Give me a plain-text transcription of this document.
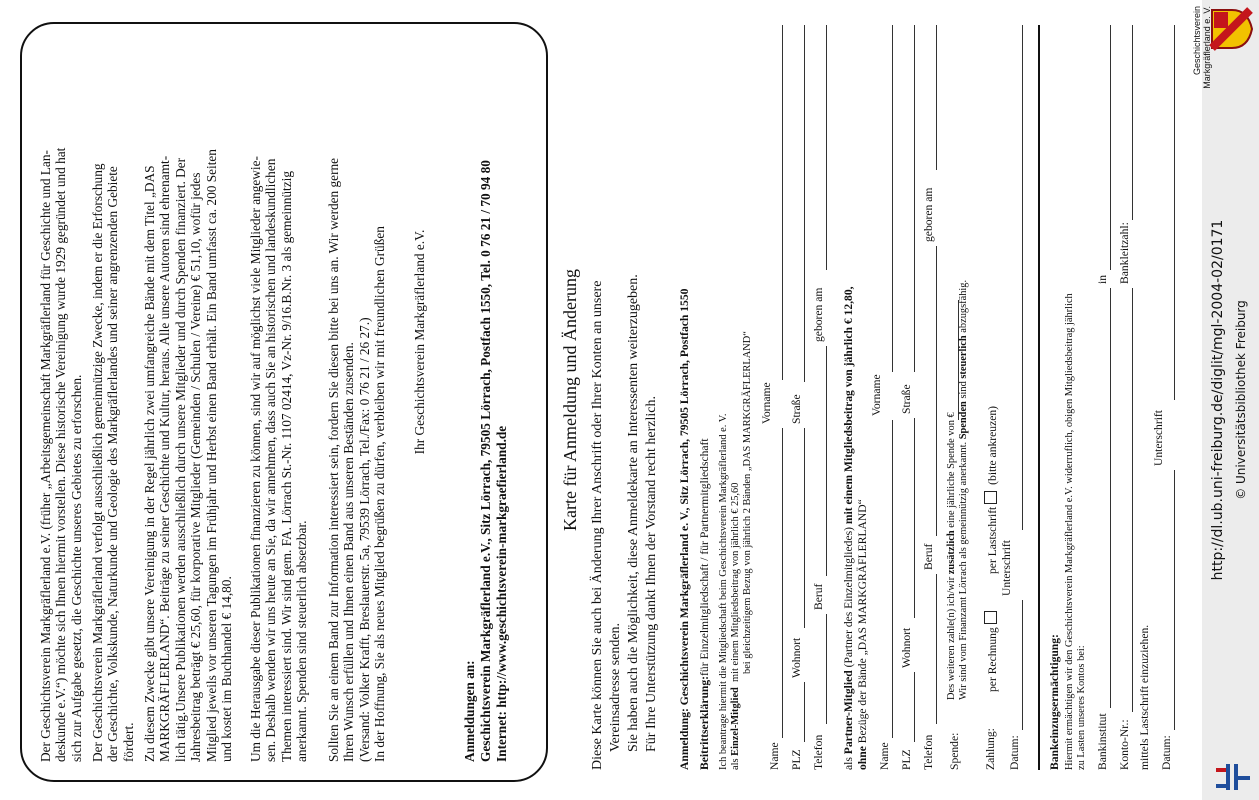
Der Geschichtsverein Markgräflerland e.V. (früher „Arbeitsgemeinschaft Markgräflerland für Geschichte und Lan- deskunde e.V.“) möchte sich Ihnen hiermit vorstellen. Diese historische Vereinigung wurde 1929 gegründet und hat sich zur Aufgabe gesetzt, die Geschichte unseres Gebietes zu erforschen. Der Geschichtsverein Markgräflerland verfolgt ausschließlich gemeinnützige Zwecke, indem er die Erforschung der Geschichte, Volkskunde, Naturkunde und Geologie des Markgräflerlandes und seiner angrenzenden Gebiete fördert. Zu diesem Zwecke gibt unsere Vereinigung in der Regel jährlich zwei umfangreiche Bände mit dem Titel „DAS MARKGRÄFLERLAND“. Beiträge zu seiner Geschichte und Kultur, heraus. Alle unsere Autoren sind ehrenamt- lich tätig.Unsere Publikationen werden ausschließlich durch unsere Mitglieder und durch Spenden finanziert. Der Jahresbeitrag beträgt € 25,60, für korporative Mitglieder (Gemeinden / Schulen / Vereine) € 51,10, wofür jedes Mitglied jeweils vor unseren Tagungen im Frühjahr und Herbst einen Band erhält. Ein Band umfasst ca. 200 Seiten und kostet im Buchhandel € 14,80. Um die Herausgabe dieser Publikationen finanzieren zu können, sind wir auf möglichst viele Mitglieder angewie- sen. Deshalb wenden wir uns heute an Sie, da wir annehmen, dass auch Sie an historischen und landeskundlichen Themen interessiert sind. Wir sind gem. FA. Lörrach St.-Nr. 1107 02414, Vz-Nr. 9/16.B.Nr. 3 als gemeinnützig anerkannt. Spenden sind steuerlich absetzbar. Sollten Sie an einem Band zur Information interessiert sein, fordern Sie diesen bitte bei uns an. Wir werden gerne Ihren Wunsch erfüllen und Ihnen einen Band aus unseren Beständen zusenden. (Versand: Volker Krafft, Breslauerstr. 5a, 79539 Lörrach, Tel./Fax: 0 76 21 / 26 27.) In der Hoffnung, Sie als neues Mitglied begrüßen zu dürfen, verbleiben wir mit freundlichen Grüßen Ihr Geschichtsverein Markgräflerland e.V.
Anmeldungen an: Geschichtsverein Markgräflerland e.V., Sitz Lörrach, 79505 Lörrach, Postfach 1550, Tel. 0 76 21 / 70 94 80 Internet: http://www.geschichtsverein-markgraefierland.de
Karte für Anmeldung und Änderung Diese Karte können Sie auch bei Änderung Ihrer Anschrift oder Ihrer Konten an unsere Vereinsadresse senden. Sie haben auch die Möglichkeit, diese Anmeldekarte an Interessenten weiterzugeben. Für Ihre Unterstützung dankt Ihnen der Vorstand recht herzlich. Anmeldung: Geschichtsverein Markgräflerland e. V., Sitz Lörrach, 79505 Lörrach, Postfach 1550 Beitrittserklärung:für Einzelmitgliedschaft / für Partnermitgliedschaft Ich beantrage hiermit die Mitgliedschaft beim Geschichtsverein Markgräflerland e. V. als Einzel-Mitglied
mit einem Mitgliedsbeitrag von jährlich € 25,60 bei gleichzeitigem Bezug von jährlich 2 Bänden „DAS MARKGRÄFLERLAND“
Name
Vorname
PLZ
Wohnort
Straße
Telefon
Beruf
geboren am
als Partner-Mitglied (Partner des Einzelmitgliedes) mit einem Mitgliedsbeitrag von jährlich € 12,80,
ohne Bezüge der Bände „DAS MARKGRÄFLERLAND“
Name
Vorname
PLZ
Wohnort
Straße
Telefon
Beruf
geboren am
Spende:
Des weiteren zahle(n) ich/wir zusätzlich eine jährliche Spende von € Wir sind vom Finanzamt Lörrach als gemeinnützig anerkannt. Spenden sind steuerlich abzugsfähig.
Zahlung:
per Rechnung
per Lastschrift (bitte ankreuzen)
Datum:
Unterschrift
Bankeinzugsermächtigung: Hiermit ermächtigen wir den Geschichtsverein Markgräflerland e.V. widerruflich, obigen Mitgliedsbeitrag jährlich zu Lasten unseres Kontos bei: Bankinstitut
in
Konto-Nr.:
Bankleitzahl:
mittels Lastschrift einzuziehen. Datum:
Unterschrift	http://dl.ub.uni-freiburg.de/diglit/mgl-2004-02/0171 © Universitätsbibliothek Freiburg
Geschichtsverein Markgräflerland e. V.
